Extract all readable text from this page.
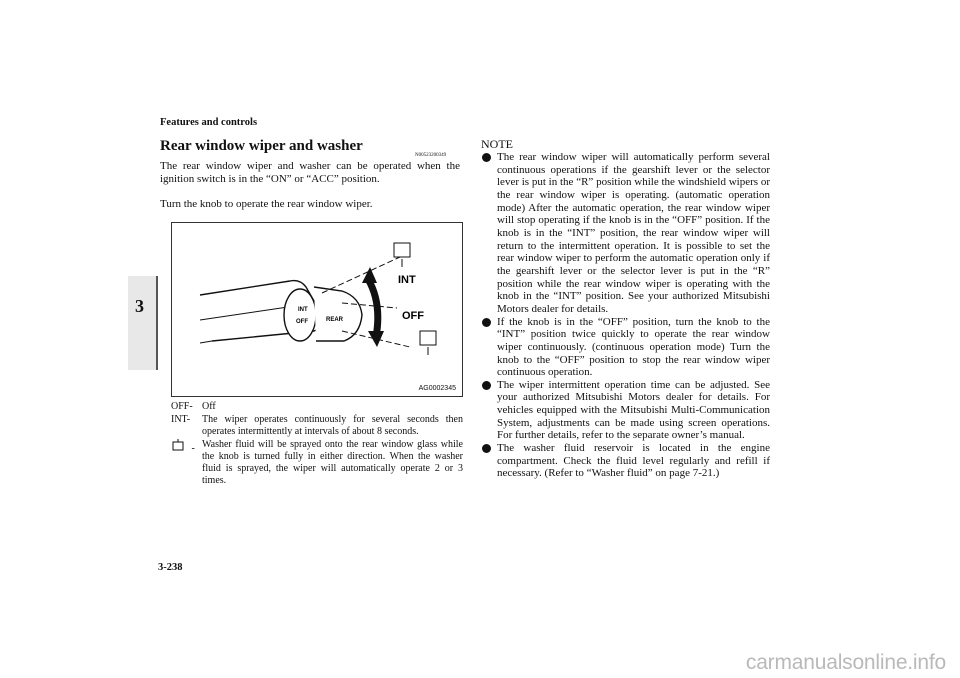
Features and controls
3
Rear window wiper and washer
N00523200349
The rear window wiper and washer can be operated when the ignition switch is in the “ON” or “ACC” position.
Turn the knob to operate the rear window wiper.
INT
OFF
INT
OFF	REAR
AG0002345
OFF- Off
INT-	The wiper operates continuously for several seconds then operates intermittently at intervals of about 8 seconds.
- Washer fluid will be sprayed onto the rear window glass while the knob is turned fully in either direction. When the washer fluid is sprayed, the wiper will automatically operate 2 or 3 times.
NOTE
The rear window wiper will automatically perform several continuous operations if the gearshift lever or the selector lever is put in the “R” position while the windshield wipers or the rear window wiper is operating. (automatic operation mode) After the automatic operation, the rear window wiper will stop operating if the knob is in the “OFF” position. If the knob is in the “INT” position, the rear window wiper will return to the intermittent operation. It is possible to set the rear window wiper to perform the automatic operation only if the gearshift lever or the selector lever is put in the “R” position while the rear window wiper is operating with the knob in the “INT” position. See your authorized Mitsubishi Motors dealer for details.
If the knob is in the “OFF” position, turn the knob to the “INT” position twice quickly to operate the rear window wiper continuously. (continuous operation mode) Turn the knob to the “OFF” position to stop the rear window wiper continuous operation.
The wiper intermittent operation time can be adjusted. See your authorized Mitsubishi Motors dealer for details. For vehicles equipped with the Mitsubishi Multi-Communication System, adjustments can be made using screen operations. For further details, refer to the separate owner’s manual.
The washer fluid reservoir is located in the engine compartment. Check the fluid level regularly and refill if necessary. (Refer to “Washer fluid” on page 7-21.)
3-238
carmanualsonline.info
